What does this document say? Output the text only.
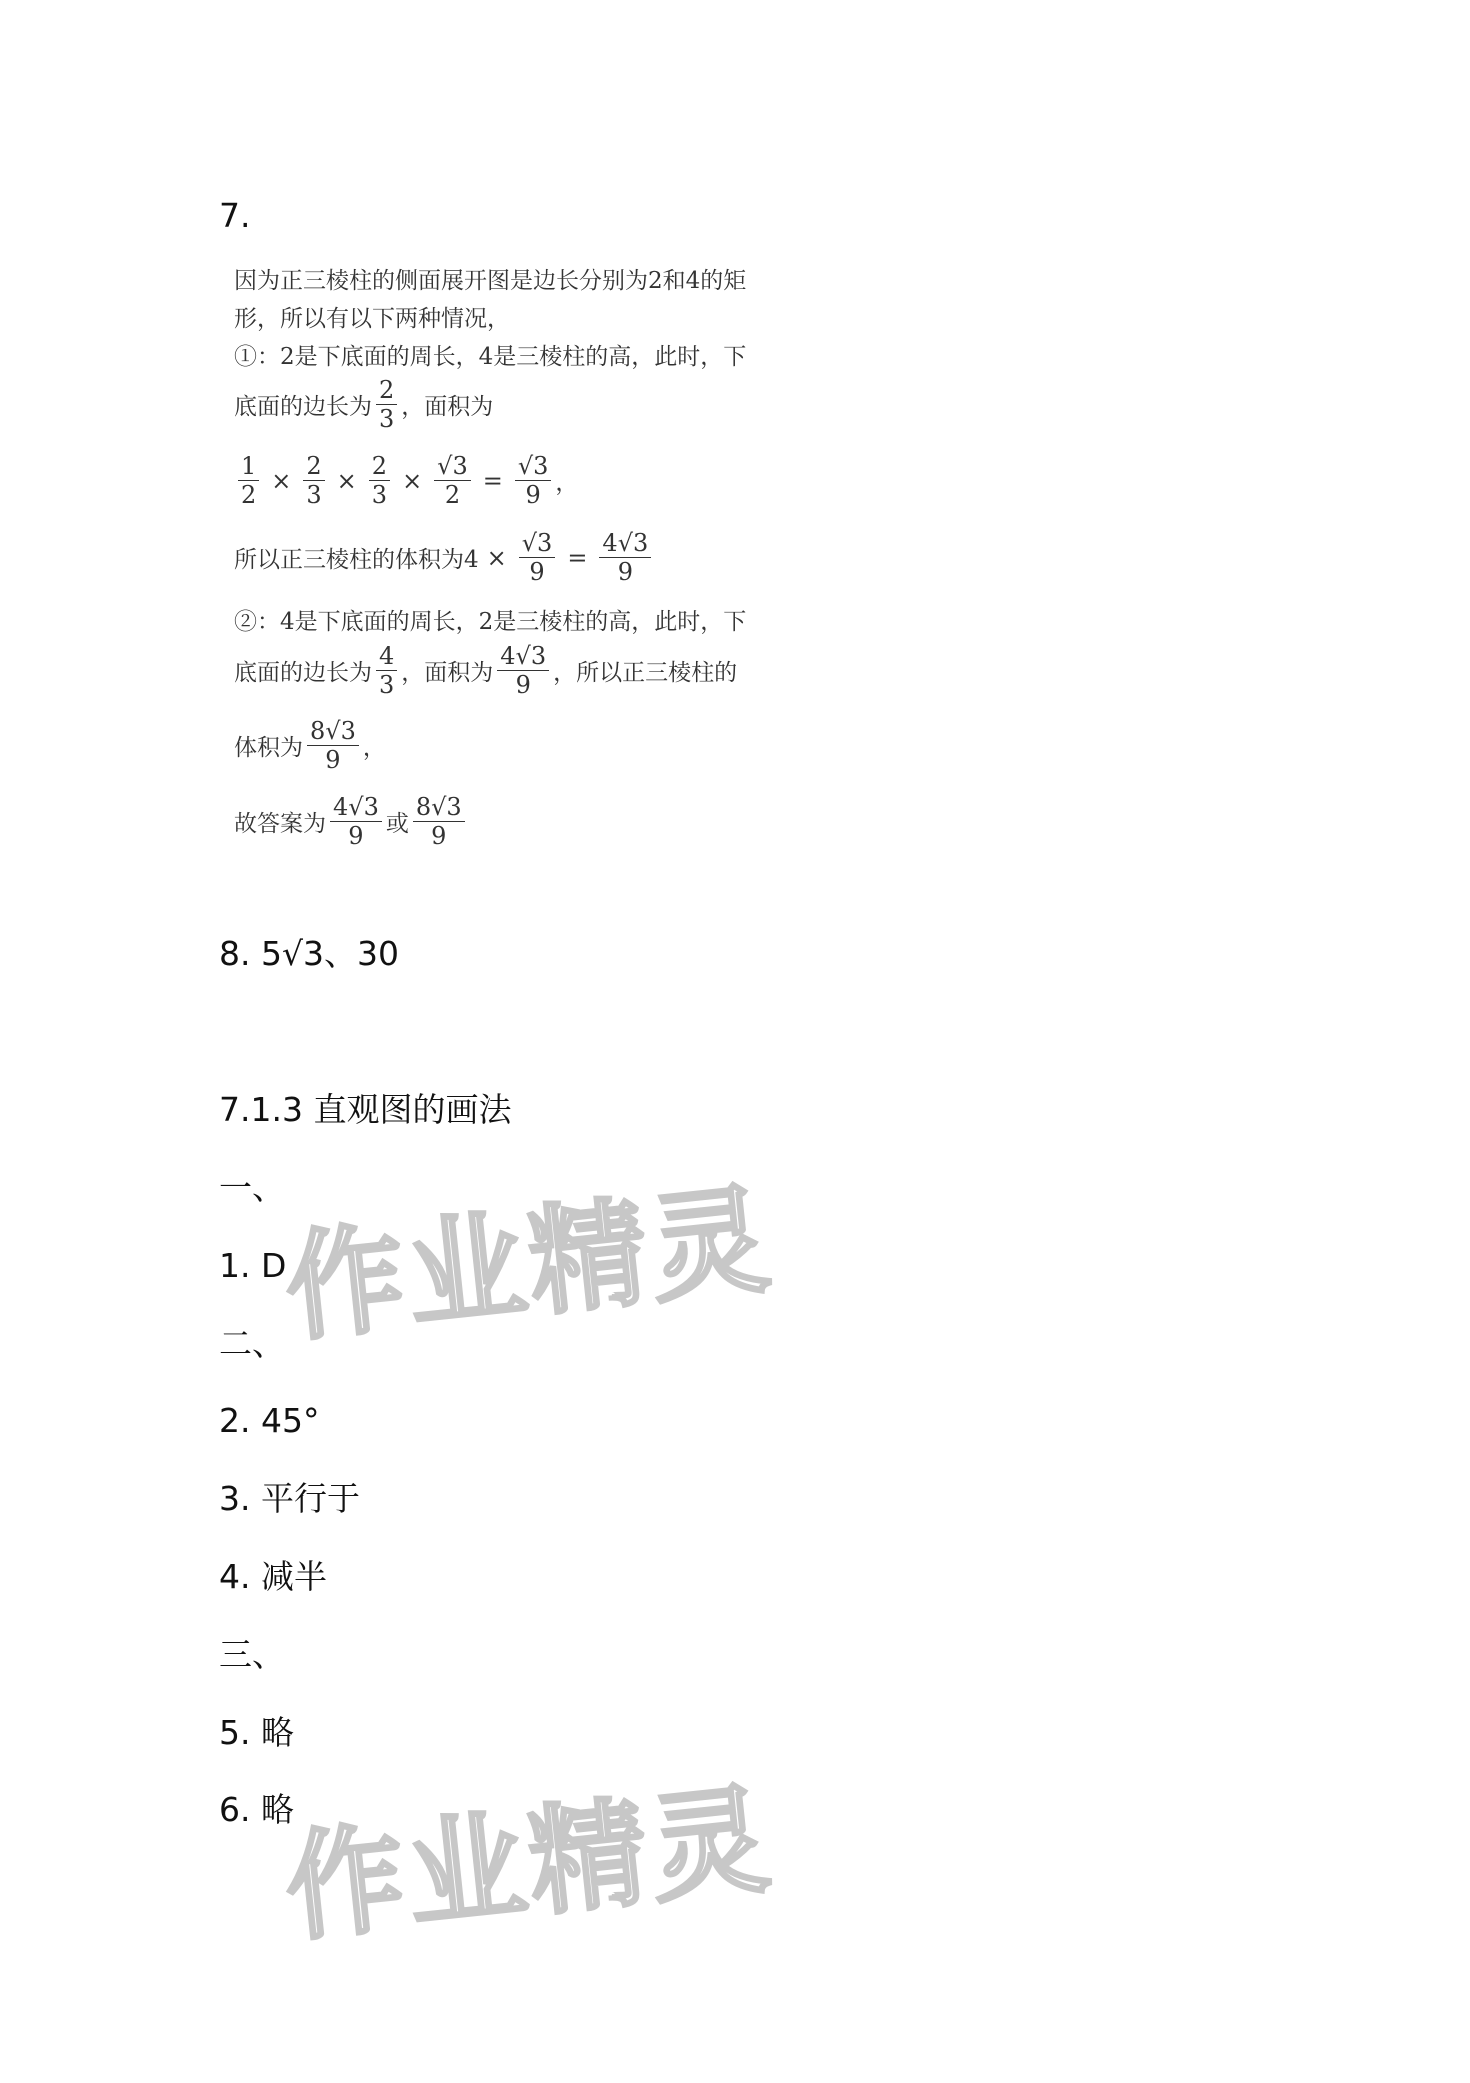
7.
因为正三棱柱的侧面展开图是边长分别为2和4的矩
形，所以有以下两种情况，
①：2是下底面的周长，4是三棱柱的高，此时，下
底面的边长为 $\frac{2}{3}$ ，面积为
$\frac{1}{2} \times \frac{2}{3} \times \frac{2}{3} \times \frac{√3}{2} = \frac{√3}{9}$ ，
所以正三棱柱的体积为$4 \times \frac{√3}{9} = \frac{4√3}{9}$
②：4是下底面的周长，2是三棱柱的高，此时，下
底面的边长为 $\frac{4}{3}$ ，面积为 $\frac{4√3}{9}$ ，所以正三棱柱的
体积为 $\frac{8√3}{9}$ ，
故答案为 $\frac{4√3}{9}$ 或 $\frac{8√3}{9}$
8. 5√3、30
7.1.3 直观图的画法
一、
1. D
二、
2. 45°
3. 平行于
4. 减半
三、
5. 略
6. 略
作业精灵
作业精灵
